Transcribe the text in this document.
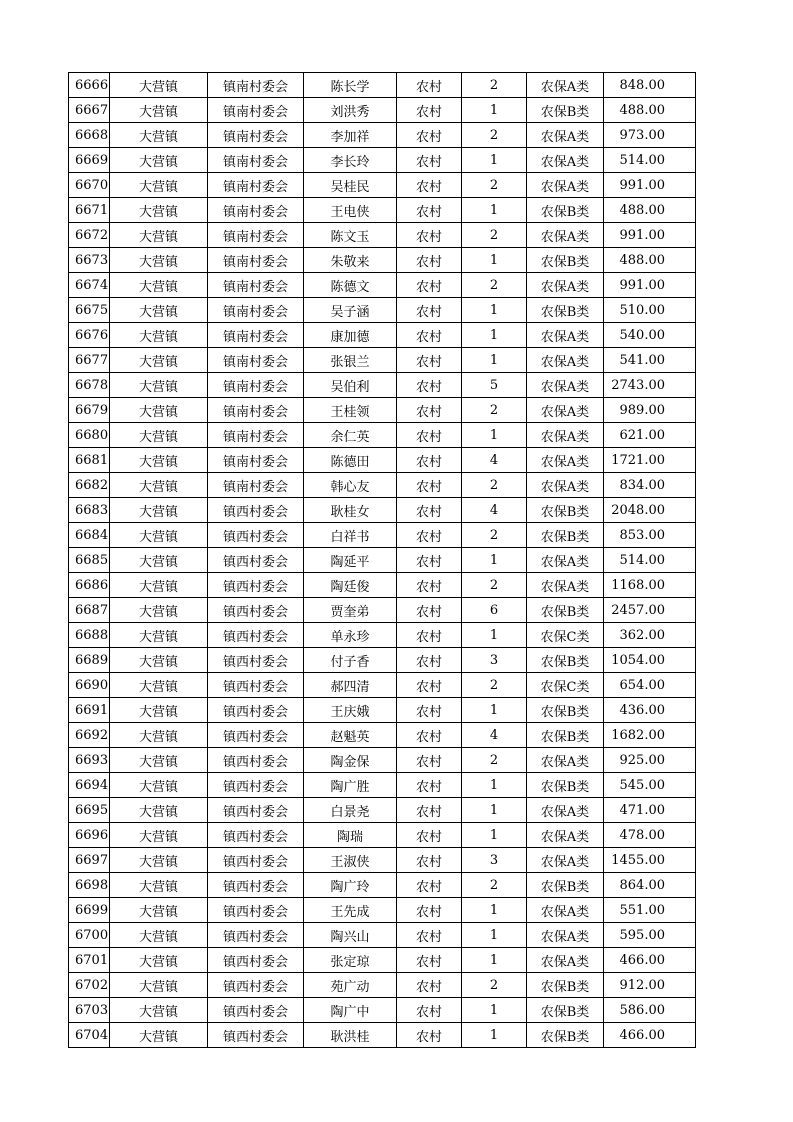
6666	大营镇	镇南村委会	陈长学	农村	2	农保A类	848.00
6667	大营镇	镇南村委会	刘洪秀	农村	1	农保B类	488.00
6668	大营镇	镇南村委会	李加祥	农村	2	农保A类	973.00
6669	大营镇	镇南村委会	李长玲	农村	1	农保A类	514.00
6670	大营镇	镇南村委会	吴桂民	农村	2	农保A类	991.00
6671	大营镇	镇南村委会	王电侠	农村	1	农保B类	488.00
6672	大营镇	镇南村委会	陈文玉	农村	2	农保A类	991.00
6673	大营镇	镇南村委会	朱敬来	农村	1	农保B类	488.00
6674	大营镇	镇南村委会	陈德文	农村	2	农保A类	991.00
6675	大营镇	镇南村委会	吴子涵	农村	1	农保B类	510.00
6676	大营镇	镇南村委会	康加德	农村	1	农保A类	540.00
6677	大营镇	镇南村委会	张银兰	农村	1	农保A类	541.00
6678	大营镇	镇南村委会	吴伯利	农村	5	农保A类	2743.00
6679	大营镇	镇南村委会	王桂领	农村	2	农保A类	989.00
6680	大营镇	镇南村委会	余仁英	农村	1	农保A类	621.00
6681	大营镇	镇南村委会	陈德田	农村	4	农保A类	1721.00
6682	大营镇	镇南村委会	韩心友	农村	2	农保A类	834.00
6683	大营镇	镇西村委会	耿桂女	农村	4	农保B类	2048.00
6684	大营镇	镇西村委会	白祥书	农村	2	农保B类	853.00
6685	大营镇	镇西村委会	陶延平	农村	1	农保A类	514.00
6686	大营镇	镇西村委会	陶廷俊	农村	2	农保A类	1168.00
6687	大营镇	镇西村委会	贾奎弟	农村	6	农保B类	2457.00
6688	大营镇	镇西村委会	单永珍	农村	1	农保C类	362.00
6689	大营镇	镇西村委会	付子香	农村	3	农保B类	1054.00
6690	大营镇	镇西村委会	郝四清	农村	2	农保C类	654.00
6691	大营镇	镇西村委会	王庆娥	农村	1	农保B类	436.00
6692	大营镇	镇西村委会	赵魁英	农村	4	农保B类	1682.00
6693	大营镇	镇西村委会	陶金保	农村	2	农保A类	925.00
6694	大营镇	镇西村委会	陶广胜	农村	1	农保B类	545.00
6695	大营镇	镇西村委会	白景尧	农村	1	农保A类	471.00
6696	大营镇	镇西村委会	陶瑞	农村	1	农保A类	478.00
6697	大营镇	镇西村委会	王淑侠	农村	3	农保A类	1455.00
6698	大营镇	镇西村委会	陶广玲	农村	2	农保B类	864.00
6699	大营镇	镇西村委会	王先成	农村	1	农保A类	551.00
6700	大营镇	镇西村委会	陶兴山	农村	1	农保A类	595.00
6701	大营镇	镇西村委会	张定琼	农村	1	农保A类	466.00
6702	大营镇	镇西村委会	苑广动	农村	2	农保B类	912.00
6703	大营镇	镇西村委会	陶广中	农村	1	农保B类	586.00
6704	大营镇	镇西村委会	耿洪桂	农村	1	农保B类	466.00
